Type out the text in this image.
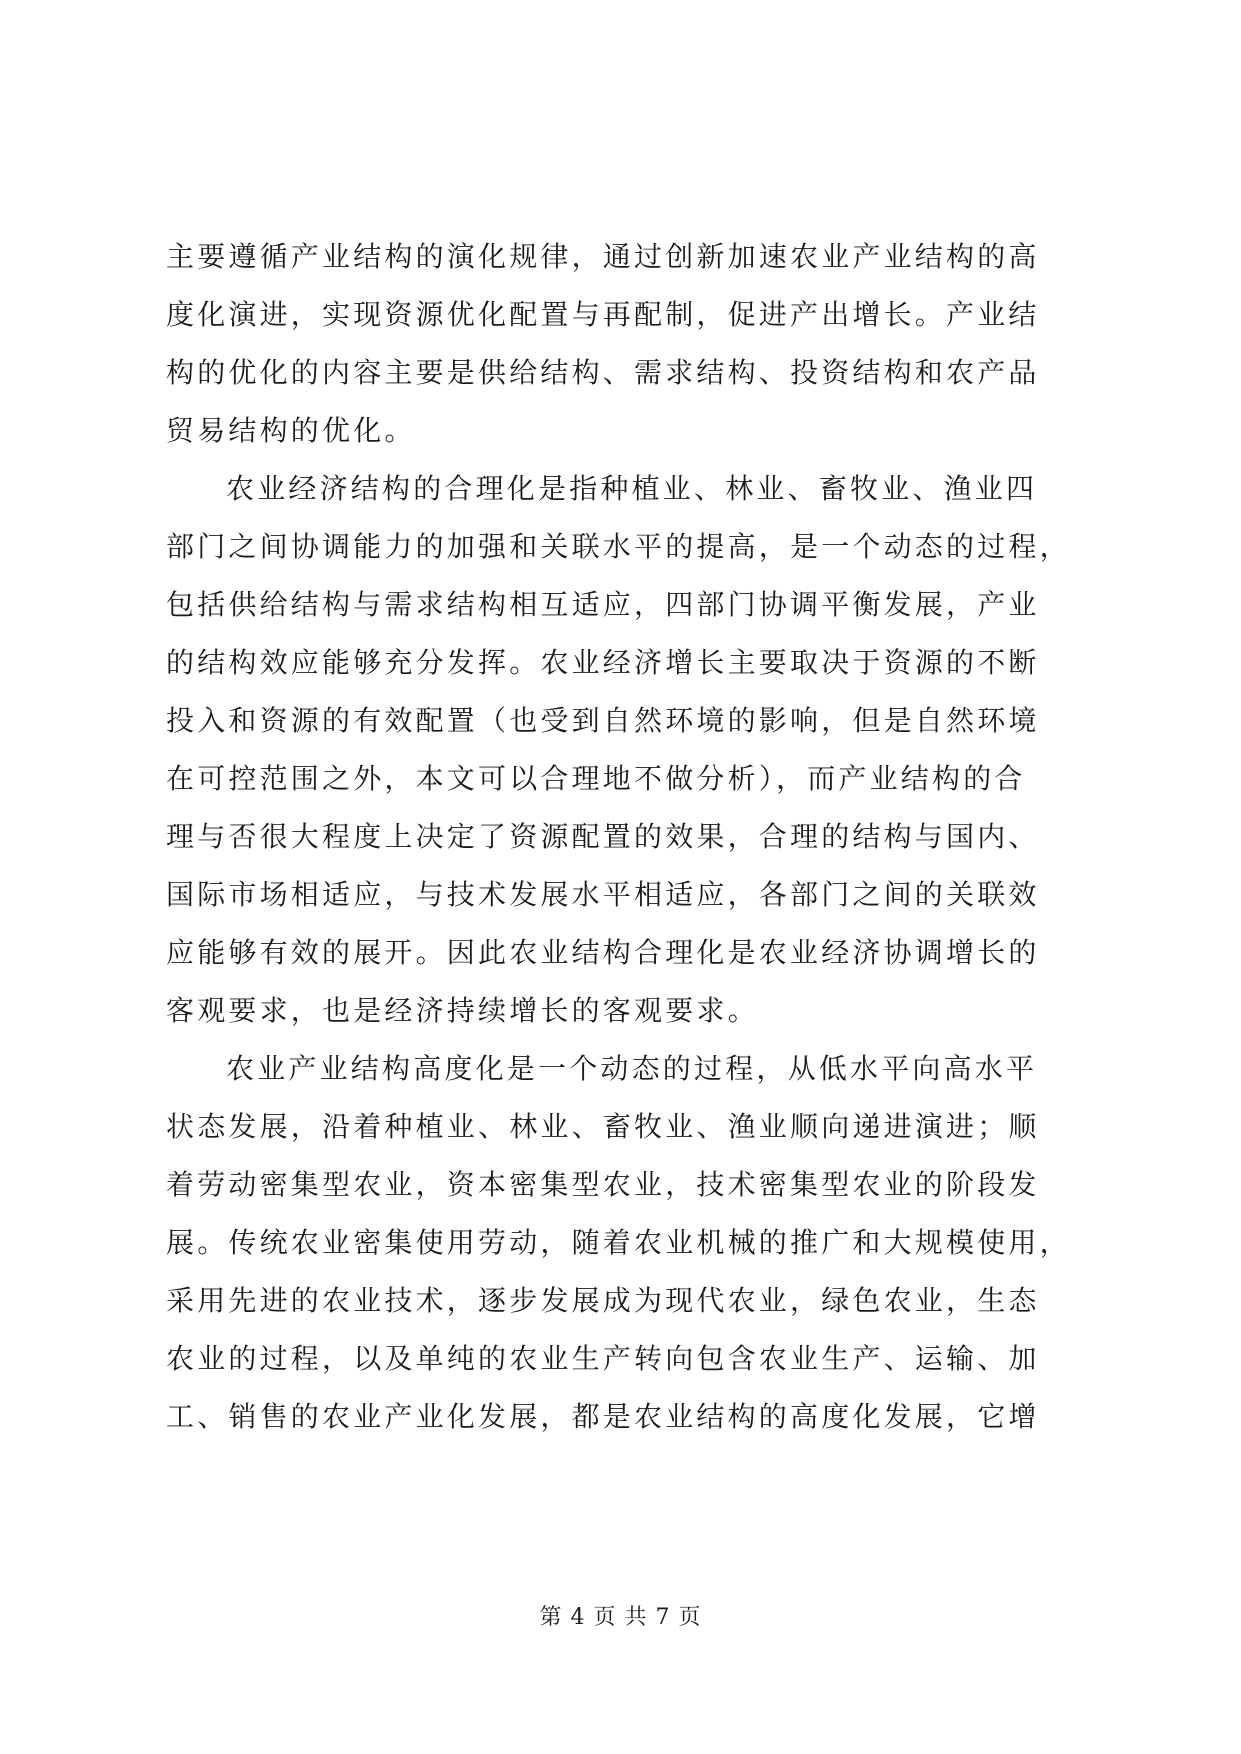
主要遵循产业结构的演化规律，通过创新加速农业产业结构的高
度化演进，实现资源优化配置与再配制，促进产出增长。产业结
构的优化的内容主要是供给结构、需求结构、投资结构和农产品
贸易结构的优化。
农业经济结构的合理化是指种植业、林业、畜牧业、渔业四
部门之间协调能力的加强和关联水平的提高，是一个动态的过程，
包括供给结构与需求结构相互适应，四部门协调平衡发展，产业
的结构效应能够充分发挥。农业经济增长主要取决于资源的不断
投入和资源的有效配置（也受到自然环境的影响，但是自然环境
在可控范围之外，本文可以合理地不做分析），而产业结构的合
理与否很大程度上决定了资源配置的效果，合理的结构与国内、
国际市场相适应，与技术发展水平相适应，各部门之间的关联效
应能够有效的展开。因此农业结构合理化是农业经济协调增长的
客观要求，也是经济持续增长的客观要求。
农业产业结构高度化是一个动态的过程，从低水平向高水平
状态发展，沿着种植业、林业、畜牧业、渔业顺向递进演进；顺
着劳动密集型农业，资本密集型农业，技术密集型农业的阶段发
展。传统农业密集使用劳动，随着农业机械的推广和大规模使用，
采用先进的农业技术，逐步发展成为现代农业，绿色农业，生态
农业的过程，以及单纯的农业生产转向包含农业生产、运输、加
工、销售的农业产业化发展，都是农业结构的高度化发展，它增
第 4 页 共 7 页
